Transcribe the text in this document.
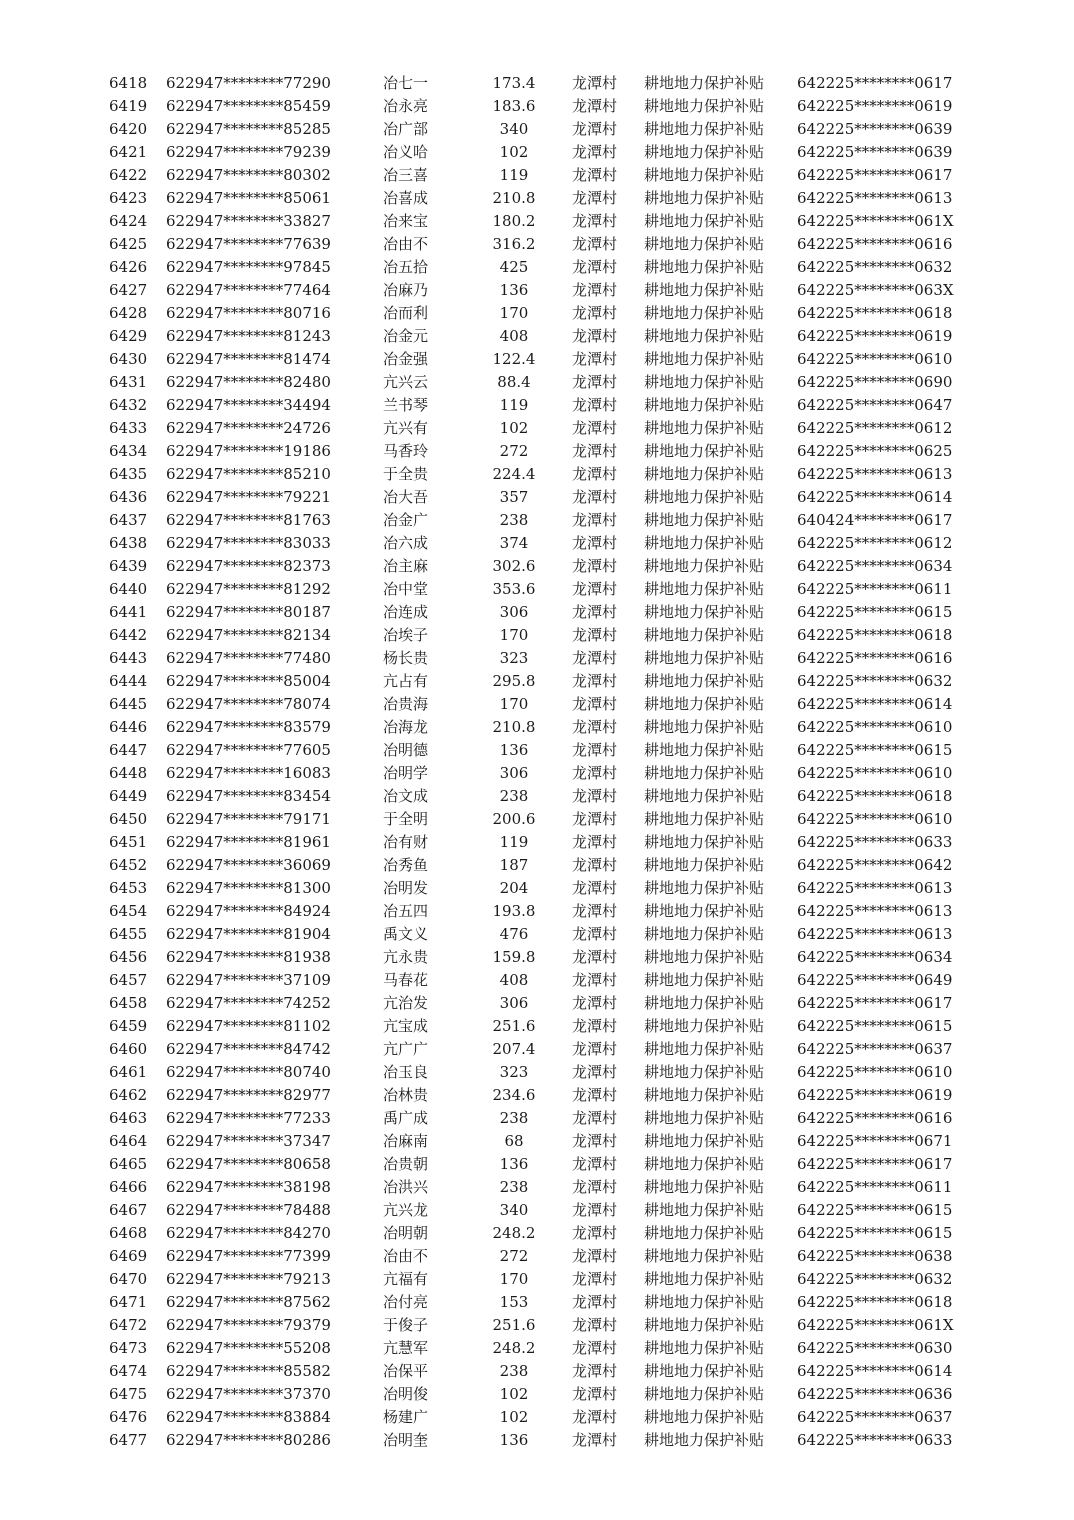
6418 622947********77290	冶七一	173.4	龙潭村 耕地地力保护补贴 642225********0617
6419 622947********85459	冶永亮	183.6	龙潭村 耕地地力保护补贴 642225********0619
6420 622947********85285	冶广部	340	龙潭村 耕地地力保护补贴 642225********0639
6421 622947********79239	冶义哈	102	龙潭村 耕地地力保护补贴 642225********0639
6422 622947********80302	冶三喜	119	龙潭村 耕地地力保护补贴 642225********0617
6423 622947********85061	冶喜成	210.8	龙潭村 耕地地力保护补贴 642225********0613
6424 622947********33827	冶来宝	180.2	龙潭村 耕地地力保护补贴 642225********061X
6425 622947********77639	冶由不	316.2	龙潭村 耕地地力保护补贴 642225********0616
6426 622947********97845	冶五拾	425	龙潭村 耕地地力保护补贴 642225********0632
6427 622947********77464	冶麻乃	136	龙潭村 耕地地力保护补贴 642225********063X
6428 622947********80716	冶而利	170	龙潭村 耕地地力保护补贴 642225********0618
6429 622947********81243	冶金元	408	龙潭村 耕地地力保护补贴 642225********0619
6430 622947********81474	冶金强	122.4	龙潭村 耕地地力保护补贴 642225********0610
6431 622947********82480	亢兴云	88.4	龙潭村 耕地地力保护补贴 642225********0690
6432 622947********34494	兰书琴	119	龙潭村 耕地地力保护补贴 642225********0647
6433 622947********24726	亢兴有	102	龙潭村 耕地地力保护补贴 642225********0612
6434 622947********19186	马香玲	272	龙潭村 耕地地力保护补贴 642225********0625
6435 622947********85210	于全贵	224.4	龙潭村 耕地地力保护补贴 642225********0613
6436 622947********79221	冶大吾	357	龙潭村 耕地地力保护补贴 642225********0614
6437 622947********81763	冶金广	238	龙潭村 耕地地力保护补贴 640424********0617
6438 622947********83033	冶六成	374	龙潭村 耕地地力保护补贴 642225********0612
6439 622947********82373	冶主麻	302.6	龙潭村 耕地地力保护补贴 642225********0634
6440 622947********81292	冶中堂	353.6	龙潭村 耕地地力保护补贴 642225********0611
6441 622947********80187	冶连成	306	龙潭村 耕地地力保护补贴 642225********0615
6442 622947********82134	冶埃子	170	龙潭村 耕地地力保护补贴 642225********0618
6443 622947********77480	杨长贵	323	龙潭村 耕地地力保护补贴 642225********0616
6444 622947********85004	亢占有	295.8	龙潭村 耕地地力保护补贴 642225********0632
6445 622947********78074	冶贵海	170	龙潭村 耕地地力保护补贴 642225********0614
6446 622947********83579	冶海龙	210.8	龙潭村 耕地地力保护补贴 642225********0610
6447 622947********77605	冶明德	136	龙潭村 耕地地力保护补贴 642225********0615
6448 622947********16083	冶明学	306	龙潭村 耕地地力保护补贴 642225********0610
6449 622947********83454	冶文成	238	龙潭村 耕地地力保护补贴 642225********0618
6450 622947********79171	于全明	200.6	龙潭村 耕地地力保护补贴 642225********0610
6451 622947********81961	冶有财	119	龙潭村 耕地地力保护补贴 642225********0633
6452 622947********36069	冶秀鱼	187	龙潭村 耕地地力保护补贴 642225********0642
6453 622947********81300	冶明发	204	龙潭村 耕地地力保护补贴 642225********0613
6454 622947********84924	冶五四	193.8	龙潭村 耕地地力保护补贴 642225********0613
6455 622947********81904	禹文义	476	龙潭村 耕地地力保护补贴 642225********0613
6456 622947********81938	亢永贵	159.8	龙潭村 耕地地力保护补贴 642225********0634
6457 622947********37109	马春花	408	龙潭村 耕地地力保护补贴 642225********0649
6458 622947********74252	亢治发	306	龙潭村 耕地地力保护补贴 642225********0617
6459 622947********81102	亢宝成	251.6	龙潭村 耕地地力保护补贴 642225********0615
6460 622947********84742	亢广广	207.4	龙潭村 耕地地力保护补贴 642225********0637
6461 622947********80740	冶玉良	323	龙潭村 耕地地力保护补贴 642225********0610
6462 622947********82977	冶林贵	234.6	龙潭村 耕地地力保护补贴 642225********0619
6463 622947********77233	禹广成	238	龙潭村 耕地地力保护补贴 642225********0616
6464 622947********37347	冶麻南	68	龙潭村 耕地地力保护补贴 642225********0671
6465 622947********80658	冶贵朝	136	龙潭村 耕地地力保护补贴 642225********0617
6466 622947********38198	冶洪兴	238	龙潭村 耕地地力保护补贴 642225********0611
6467 622947********78488	亢兴龙	340	龙潭村 耕地地力保护补贴 642225********0615
6468 622947********84270	冶明朝	248.2	龙潭村 耕地地力保护补贴 642225********0615
6469 622947********77399	冶由不	272	龙潭村 耕地地力保护补贴 642225********0638
6470 622947********79213	亢福有	170	龙潭村 耕地地力保护补贴 642225********0632
6471 622947********87562	冶付亮	153	龙潭村 耕地地力保护补贴 642225********0618
6472 622947********79379	于俊子	251.6	龙潭村 耕地地力保护补贴 642225********061X
6473 622947********55208	亢慧军	248.2	龙潭村 耕地地力保护补贴 642225********0630
6474 622947********85582	冶保平	238	龙潭村 耕地地力保护补贴 642225********0614
6475 622947********37370	冶明俊	102	龙潭村 耕地地力保护补贴 642225********0636
6476 622947********83884	杨建广	102	龙潭村 耕地地力保护补贴 642225********0637
6477 622947********80286	冶明奎	136	龙潭村 耕地地力保护补贴 642225********0633
